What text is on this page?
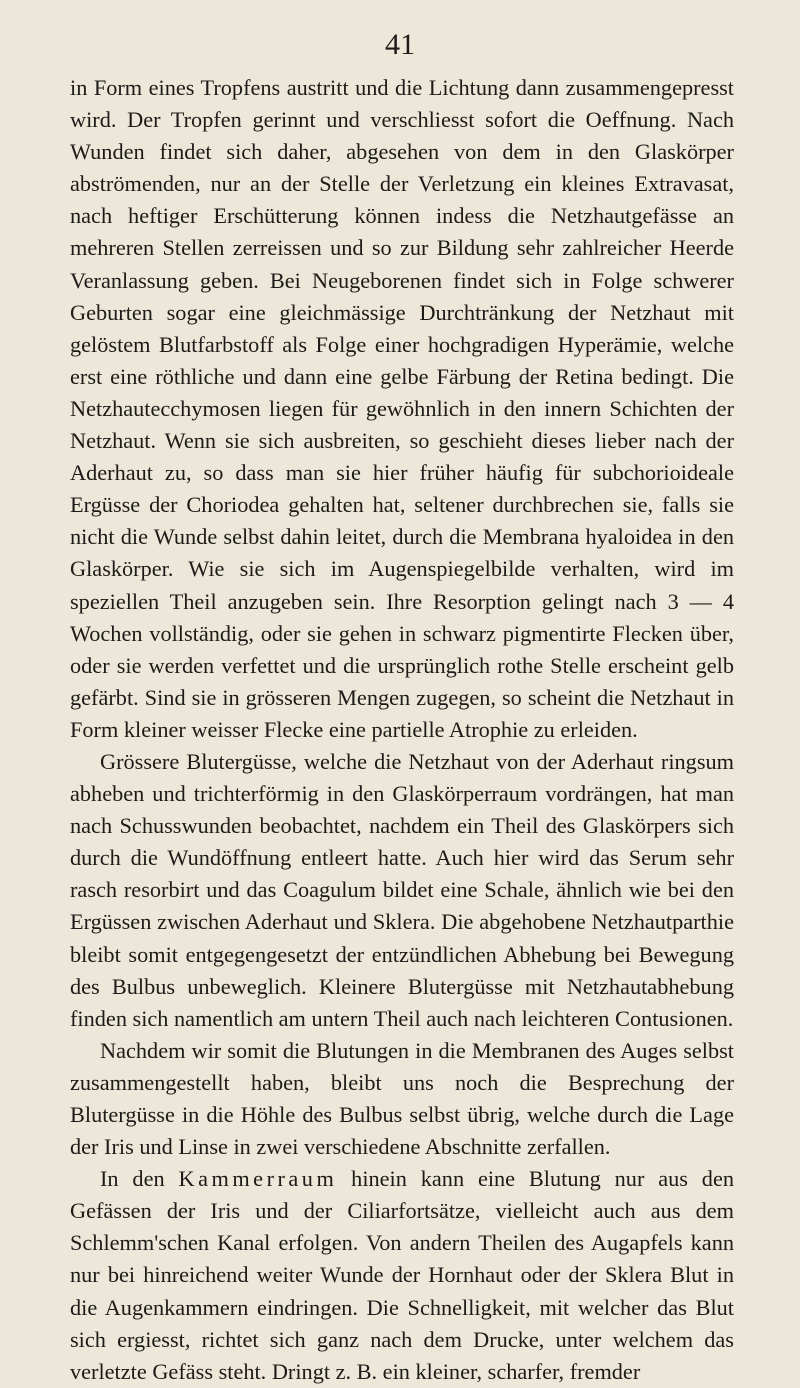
41

in Form eines Tropfens austritt und die Lichtung dann zusammengepresst wird. Der Tropfen gerinnt und verschliesst sofort die Oeffnung. Nach Wunden findet sich daher, abgesehen von dem in den Glaskörper abströmenden, nur an der Stelle der Verletzung ein kleines Extravasat, nach heftiger Erschütterung können indess die Netzhautgefässe an mehreren Stellen zerreissen und so zur Bildung sehr zahlreicher Heerde Veranlassung geben. Bei Neugeborenen findet sich in Folge schwerer Geburten sogar eine gleichmässige Durchtränkung der Netzhaut mit gelöstem Blutfarbstoff als Folge einer hochgradigen Hyperämie, welche erst eine röthliche und dann eine gelbe Färbung der Retina bedingt. Die Netzhautecchymosen liegen für gewöhnlich in den innern Schichten der Netzhaut. Wenn sie sich ausbreiten, so geschieht dieses lieber nach der Aderhaut zu, so dass man sie hier früher häufig für subchorioideale Ergüsse der Choriodea gehalten hat, seltener durchbrechen sie, falls sie nicht die Wunde selbst dahin leitet, durch die Membrana hyaloidea in den Glaskörper. Wie sie sich im Augenspiegelbilde verhalten, wird im speziellen Theil anzugeben sein. Ihre Resorption gelingt nach 3 — 4 Wochen vollständig, oder sie gehen in schwarz pigmentirte Flecken über, oder sie werden verfettet und die ursprünglich rothe Stelle erscheint gelb gefärbt. Sind sie in grösseren Mengen zugegen, so scheint die Netzhaut in Form kleiner weisser Flecke eine partielle Atrophie zu erleiden.

Grössere Blutergüsse, welche die Netzhaut von der Aderhaut ringsum abheben und trichterförmig in den Glaskörperraum vordrängen, hat man nach Schusswunden beobachtet, nachdem ein Theil des Glaskörpers sich durch die Wundöffnung entleert hatte. Auch hier wird das Serum sehr rasch resorbirt und das Coagulum bildet eine Schale, ähnlich wie bei den Ergüssen zwischen Aderhaut und Sklera. Die abgehobene Netzhautparthie bleibt somit entgegengesetzt der entzündlichen Abhebung bei Bewegung des Bulbus unbeweglich. Kleinere Blutergüsse mit Netzhautabhebung finden sich namentlich am untern Theil auch nach leichteren Contusionen.

Nachdem wir somit die Blutungen in die Membranen des Auges selbst zusammengestellt haben, bleibt uns noch die Besprechung der Blutergüsse in die Höhle des Bulbus selbst übrig, welche durch die Lage der Iris und Linse in zwei verschiedene Abschnitte zerfallen.

In den Kammerraum hinein kann eine Blutung nur aus den Gefässen der Iris und der Ciliarfortsätze, vielleicht auch aus dem Schlemm'schen Kanal erfolgen. Von andern Theilen des Augapfels kann nur bei hinreichend weiter Wunde der Hornhaut oder der Sklera Blut in die Augenkammern eindringen. Die Schnelligkeit, mit welcher das Blut sich ergiesst, richtet sich ganz nach dem Drucke, unter welchem das verletzte Gefäss steht. Dringt z. B. ein kleiner, scharfer, fremder
